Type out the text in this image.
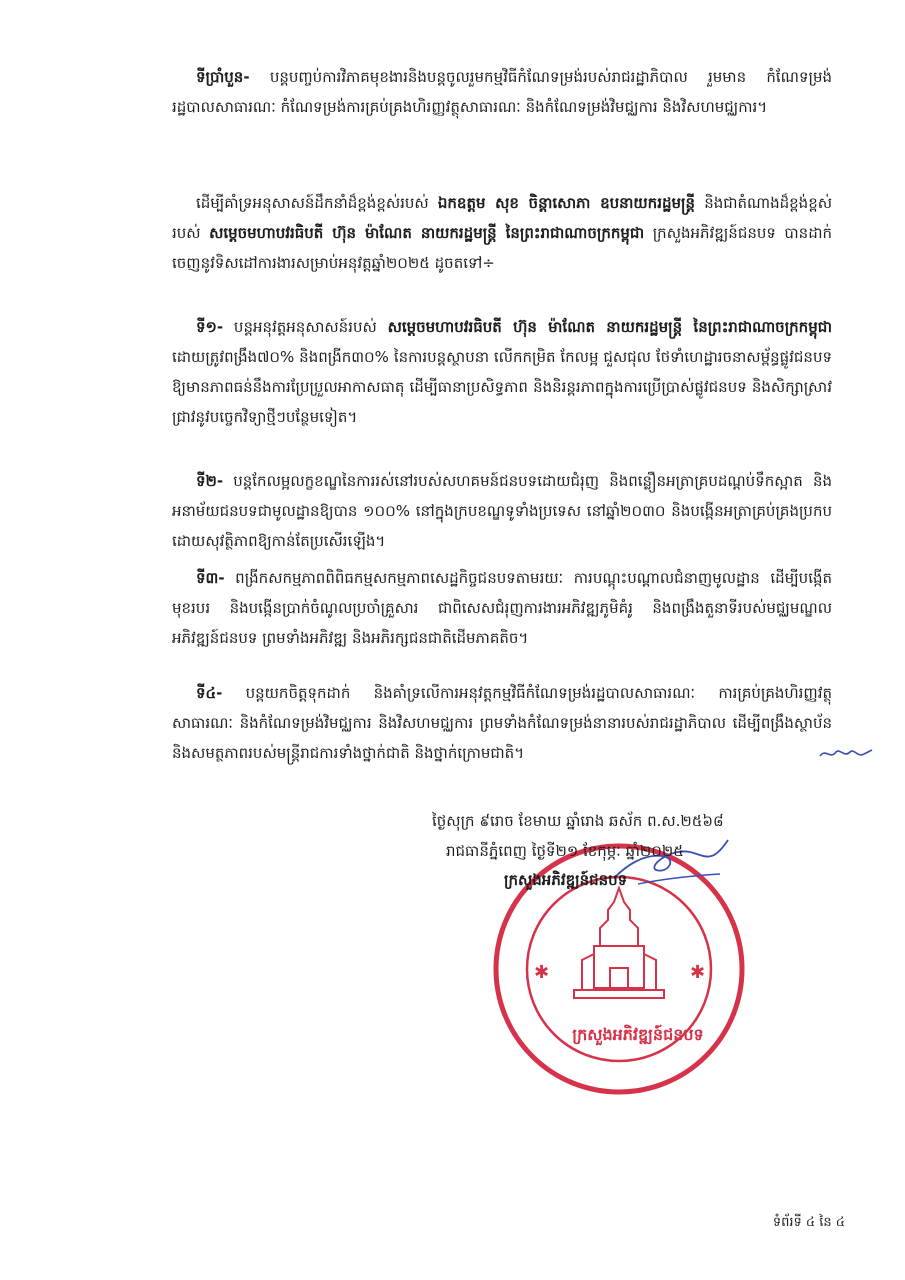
ទីប្រាំបួន- បន្តបញ្ចប់ការវិភាគមុខងារនិងបន្តចូលរួមកម្មវិធីកំណែទម្រង់របស់រាជរដ្ឋាភិបាល រួមមាន កំណែទម្រង់រដ្ឋបាលសាធារណៈ កំណែទម្រង់ការគ្រប់គ្រងហិរញ្ញវត្ថុសាធារណៈ និងកំណែទម្រង់វិមជ្ឈការ និងវិសហមជ្ឈការ។

ដើម្បីគាំទ្រអនុសាសន៍ដឹកនាំដ៏ខ្ពង់ខ្ពស់របស់ ឯកឧត្តម សុខ ចិន្តាសោភា ឧបនាយករដ្ឋមន្ត្រី និងជាតំណាងដ៏ខ្ពង់ខ្ពស់របស់ សម្តេចមហាបវរធិបតី ហ៊ុន ម៉ាណែត នាយករដ្ឋមន្ត្រី នៃព្រះរាជាណាចក្រកម្ពុជា ក្រសួងអភិវឌ្ឍន៍ជនបទ បានដាក់ចេញនូវទិសដៅការងារសម្រាប់អនុវត្តឆ្នាំ២០២៥ ដូចតទៅ÷

ទី១- បន្តអនុវត្តអនុសាសន៍របស់ សម្តេចមហាបវរធិបតី ហ៊ុន ម៉ាណែត នាយករដ្ឋមន្ត្រី នៃព្រះរាជាណាចក្រកម្ពុជា ដោយត្រូវពង្រឹង៧០% និងពង្រីក៣០% នៃការបន្តស្ថាបនា លើកកម្រិត កែលម្អ ជួសជុល ថែទាំហេដ្ឋារចនាសម្ព័ន្ធផ្លូវជនបទឱ្យមានភាពធន់នឹងការប្រែប្រួលអាកាសធាតុ ដើម្បីធានាប្រសិទ្ធភាព និងនិរន្តរភាពក្នុងការប្រើប្រាស់ផ្លូវជនបទ និងសិក្សាស្រាវជ្រាវនូវបច្ចេកវិទ្យាថ្មីៗបន្ថែមទៀត។

ទី២- បន្តកែលម្អលក្ខខណ្ឌនៃការរស់នៅរបស់សហគមន៍ជនបទដោយជំរុញ និងពន្លឿនអត្រាគ្របដណ្តប់ទឹកស្អាត និងអនាម័យជនបទជាមូលដ្ឋានឱ្យបាន ១០០% នៅក្នុងក្របខណ្ឌទូទាំងប្រទេស នៅឆ្នាំ២០៣០ និងបង្កើនអត្រាគ្រប់គ្រងប្រកបដោយសុវត្ថិភាពឱ្យកាន់តែប្រសើរឡើង។

ទី៣- ពង្រីកសកម្មភាពពិពិធកម្មសកម្មភាពសេដ្ឋកិច្ចជនបទតាមរយៈ ការបណ្តុះបណ្តាលជំនាញមូលដ្ឋាន ដើម្បីបង្កើតមុខរបរ និងបង្កើនប្រាក់ចំណូលប្រចាំគ្រួសារ ជាពិសេសជំរុញការងារអភិវឌ្ឍភូមិគំរូ និងពង្រឹងតួនាទីរបស់មជ្ឈមណ្ឌលអភិវឌ្ឍន៍ជនបទ ព្រមទាំងអភិវឌ្ឍ និងអភិរក្សជនជាតិដើមភាគតិច។

ទី៤- បន្តយកចិត្តទុកដាក់ និងគាំទ្រលើការអនុវត្តកម្មវិធីកំណែទម្រង់រដ្ឋបាលសាធារណៈ ការគ្រប់គ្រងហិរញ្ញវត្ថុសាធារណៈ និងកំណែទម្រង់វិមជ្ឈការ និងវិសហមជ្ឈការ ព្រមទាំងកំណែទម្រង់នានារបស់រាជរដ្ឋាភិបាល ដើម្បីពង្រឹងស្ថាប័ន និងសមត្ថភាពរបស់មន្ត្រីរាជការទាំងថ្នាក់ជាតិ និងថ្នាក់ក្រោមជាតិ។

✱	✱
ក្រសួងអភិវឌ្ឍន៍ជនបទ
ថ្ងៃសុក្រ ៩រោច ខែមាឃ ឆ្នាំរោង ឆស័ក ព.ស.២៥៦៨
រាជធានីភ្នំពេញ ថ្ងៃទី២១ ខែកុម្ភៈ ឆ្នាំ២០២៥
ក្រសួងអភិវឌ្ឍន៍ជនបទ
ទំព័រទី ៤ នៃ ៤
